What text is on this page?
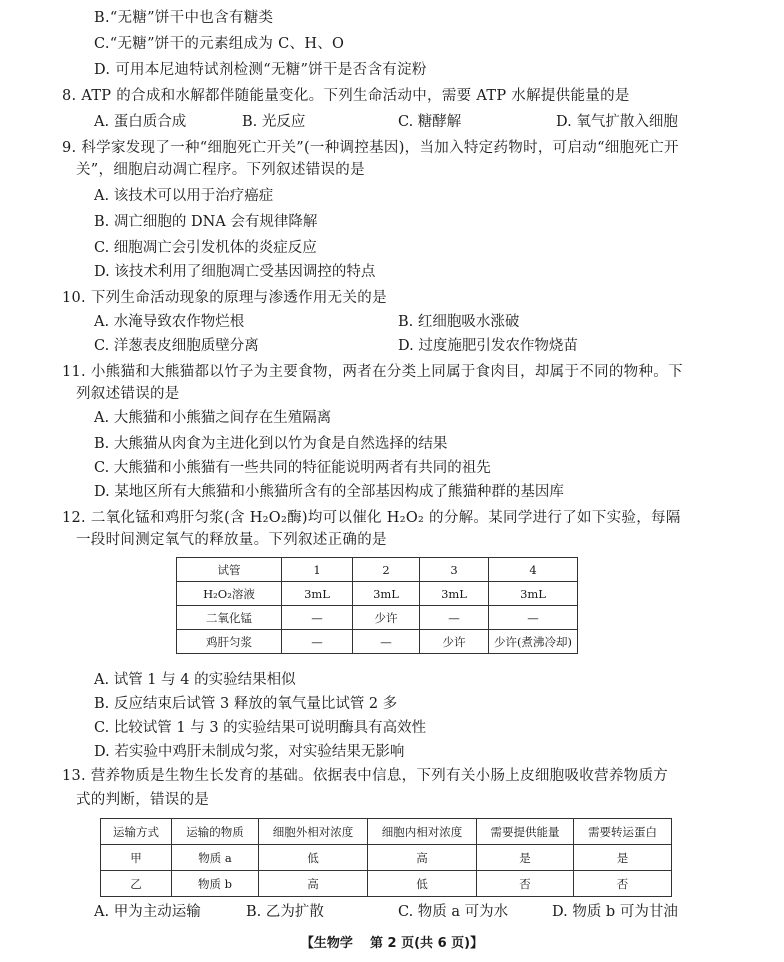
B.“无糖”饼干中也含有糖类
C.“无糖”饼干的元素组成为 C、H、O
D. 可用本尼迪特试剂检测“无糖”饼干是否含有淀粉
8. ATP 的合成和水解都伴随能量变化。下列生命活动中，需要 ATP 水解提供能量的是
A. 蛋白质合成	B. 光反应	C. 糖酵解	D. 氧气扩散入细胞
9. 科学家发现了一种“细胞死亡开关”(一种调控基因)，当加入特定药物时，可启动“细胞死亡开
关”，细胞启动凋亡程序。下列叙述错误的是
A. 该技术可以用于治疗癌症
B. 凋亡细胞的 DNA 会有规律降解
C. 细胞凋亡会引发机体的炎症反应
D. 该技术利用了细胞凋亡受基因调控的特点
10. 下列生命活动现象的原理与渗透作用无关的是
A. 水淹导致农作物烂根	B. 红细胞吸水涨破
C. 洋葱表皮细胞质壁分离	D. 过度施肥引发农作物烧苗
11. 小熊猫和大熊猫都以竹子为主要食物，两者在分类上同属于食肉目，却属于不同的物种。下
列叙述错误的是
A. 大熊猫和小熊猫之间存在生殖隔离
B. 大熊猫从肉食为主进化到以竹为食是自然选择的结果
C. 大熊猫和小熊猫有一些共同的特征能说明两者有共同的祖先
D. 某地区所有大熊猫和小熊猫所含有的全部基因构成了熊猫种群的基因库
12. 二氧化锰和鸡肝匀浆(含 H₂O₂酶)均可以催化 H₂O₂ 的分解。某同学进行了如下实验，每隔
一段时间测定氧气的释放量。下列叙述正确的是
试管	1	2	3	4
H₂O₂溶液	3mL	3mL	3mL	3mL
二氧化锰	—	少许	—	—
鸡肝匀浆	—	—	少许	少许(煮沸冷却)
A. 试管 1 与 4 的实验结果相似
B. 反应结束后试管 3 释放的氧气量比试管 2 多
C. 比较试管 1 与 3 的实验结果可说明酶具有高效性
D. 若实验中鸡肝未制成匀浆，对实验结果无影响
13. 营养物质是生物生长发育的基础。依据表中信息，下列有关小肠上皮细胞吸收营养物质方
式的判断，错误的是
运输方式	运输的物质	细胞外相对浓度	细胞内相对浓度	需要提供能量	需要转运蛋白
甲	物质 a	低	高	是	是
乙	物质 b	高	低	否	否
A. 甲为主动运输	B. 乙为扩散	C. 物质 a 可为水	D. 物质 b 可为甘油
【生物学 第 2 页(共 6 页)】
